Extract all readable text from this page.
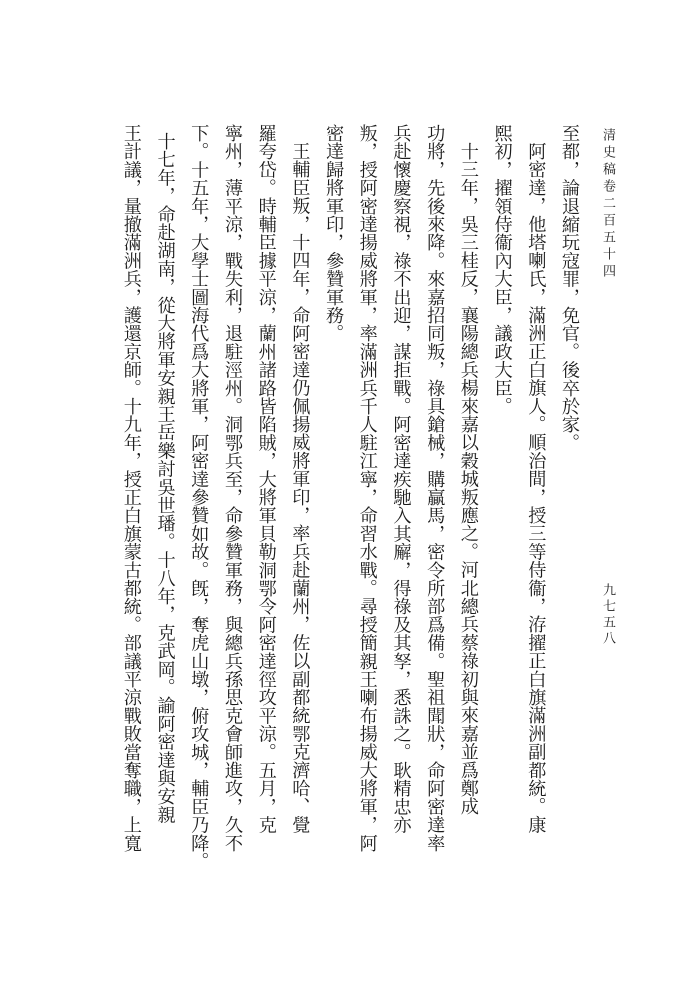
清史稿卷二百五十四
九七五八
至都，論退縮玩寇罪，免官。後卒於家。
阿密達，他塔喇氏，滿洲正白旗人。順治間，授三等侍衞，洊擢正白旗滿洲副都統。康
熙初，擢領侍衞內大臣，議政大臣。
十三年，吳三桂反，襄陽總兵楊來嘉以穀城叛應之。河北總兵蔡祿初與來嘉並爲鄭成
功將，先後來降。來嘉招同叛，祿具鎗械，購贏馬，密令所部爲備。聖祖聞狀，命阿密達率
兵赴懷慶察視，祿不出迎，謀拒戰。阿密達疾馳入其廨，得祿及其孥，悉誅之。耿精忠亦
叛，授阿密達揚威將軍，率滿洲兵千人駐江寧，命習水戰。尋授簡親王喇布揚威大將軍，阿
密達歸將軍印，參贊軍務。
王輔臣叛，十四年，命阿密達仍佩揚威將軍印，率兵赴蘭州，佐以副都統鄂克濟哈、覺
羅夸岱。時輔臣據平涼，蘭州諸路皆陷賊，大將軍貝勒洞鄂令阿密達徑攻平涼。五月，克
寧州，薄平涼，戰失利，退駐涇州。洞鄂兵至，命參贊軍務，與總兵孫思克會師進攻，久不
下。十五年，大學士圖海代爲大將軍，阿密達參贊如故。旣，奪虎山墩，俯攻城，輔臣乃降。
十七年，命赴湖南，從大將軍安親王岳樂討吳世璠。十八年，克武岡。諭阿密達與安親
王計議，量撤滿洲兵，護還京師。十九年，授正白旗蒙古都統。部議平涼戰敗當奪職，上寬
